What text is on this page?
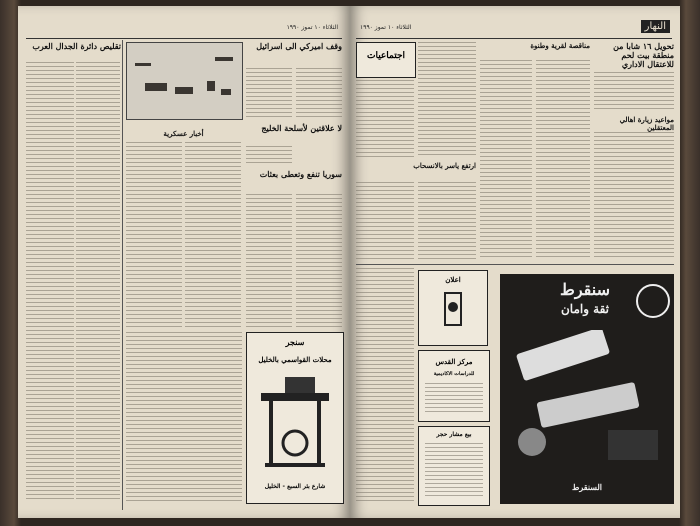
الثلاثاء ١٠ تموز ١٩٩٠
تقليص دائرة الجدال العرب
أخبار عسكرية
وقف اميركي الى اسرائيل
لا علاقتين لأسلحة الخليج
سوريا تنفع وتعطى بعثات
سنجر
محلات القواسمي بالخليل
شارع بئر السبع - الخليل
الثلاثاء ١٠ تموز ١٩٩٠	النهار
اجتماعيات
ارتفع ياسر بالانسحاب
مناقصة لقرية وطنوة	تحويل ١٦ شابا من منطقة بيت لحم للاعتقال الاداري
مواعيد زيارة اهالي المعتقلين
اعلان
مركز القدس
للدراسات الاكاديمية
بيع مشار حجر
سنقرط
ثقة وامان
السنقرط
